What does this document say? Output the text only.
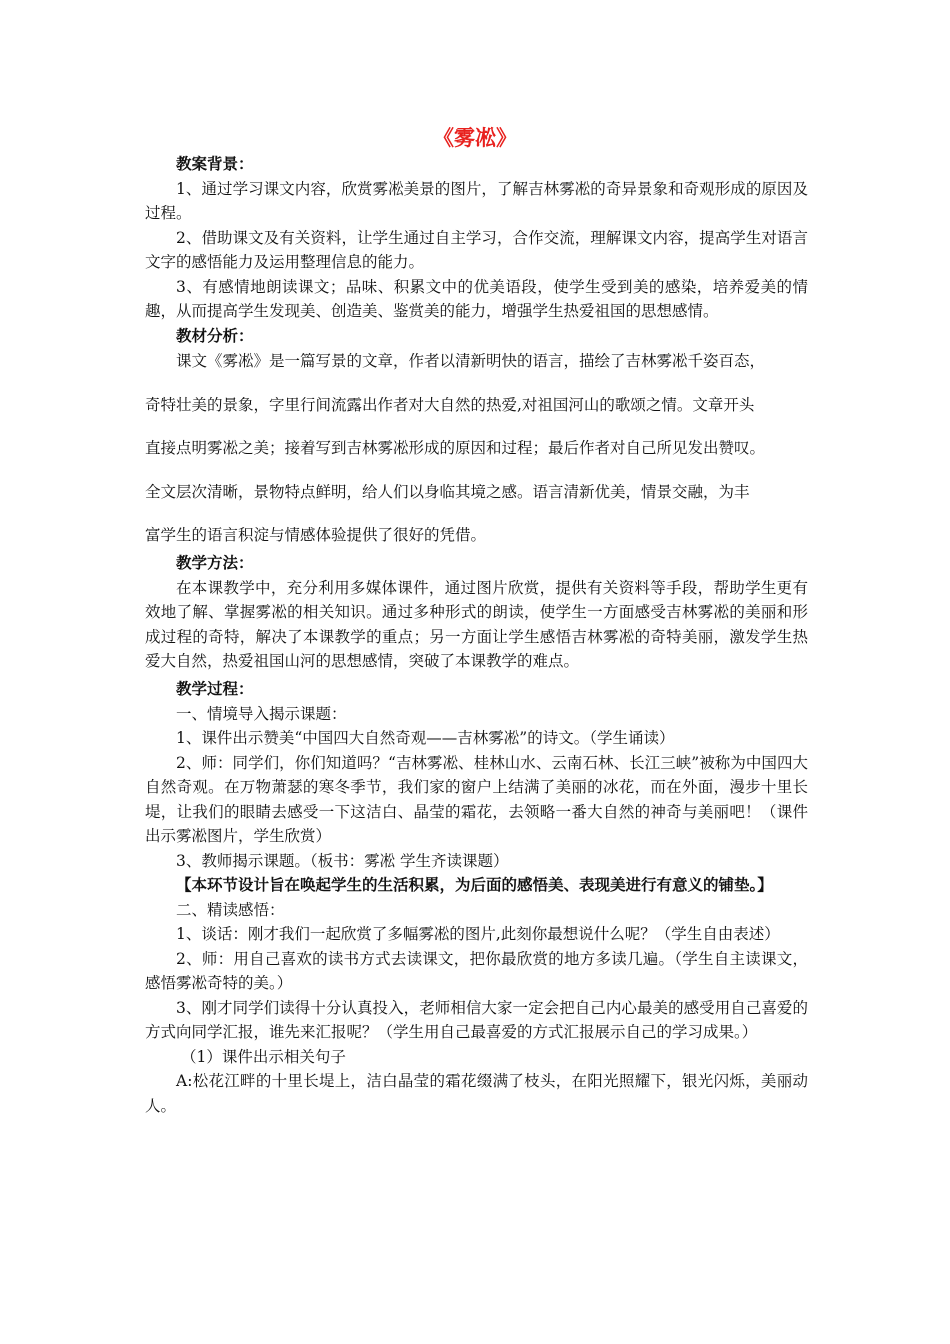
《雾凇》

教案背景：

1、通过学习课文内容，欣赏雾凇美景的图片，了解吉林雾凇的奇异景象和奇观形成的原因及过程。

2、借助课文及有关资料，让学生通过自主学习，合作交流，理解课文内容，提高学生对语言文字的感悟能力及运用整理信息的能力。

3、有感情地朗读课文；品味、积累文中的优美语段，使学生受到美的感染，培养爱美的情趣，从而提高学生发现美、创造美、鉴赏美的能力，增强学生热爱祖国的思想感情。

教材分析：

课文《雾凇》是一篇写景的文章，作者以清新明快的语言，描绘了吉林雾凇千姿百态，

奇特壮美的景象，字里行间流露出作者对大自然的热爱,对祖国河山的歌颂之情。文章开头

直接点明雾凇之美；接着写到吉林雾凇形成的原因和过程；最后作者对自己所见发出赞叹。

全文层次清晰，景物特点鲜明，给人们以身临其境之感。语言清新优美，情景交融，为丰

富学生的语言积淀与情感体验提供了很好的凭借。

教学方法：

在本课教学中，充分利用多媒体课件，通过图片欣赏，提供有关资料等手段，帮助学生更有效地了解、掌握雾凇的相关知识。通过多种形式的朗读，使学生一方面感受吉林雾凇的美丽和形成过程的奇特，解决了本课教学的重点；另一方面让学生感悟吉林雾凇的奇特美丽，激发学生热爱大自然，热爱祖国山河的思想感情，突破了本课教学的难点。

教学过程：

一、情境导入揭示课题：

1、课件出示赞美“中国四大自然奇观——吉林雾凇”的诗文。（学生诵读）

2、师：同学们，你们知道吗？“吉林雾凇、桂林山水、云南石林、长江三峡”被称为中国四大自然奇观。在万物萧瑟的寒冬季节，我们家的窗户上结满了美丽的冰花，而在外面，漫步十里长堤，让我们的眼睛去感受一下这洁白、晶莹的霜花，去领略一番大自然的神奇与美丽吧！（课件出示雾凇图片，学生欣赏）

3、教师揭示课题。（板书：雾凇 学生齐读课题）

【本环节设计旨在唤起学生的生活积累，为后面的感悟美、表现美进行有意义的铺垫。】

二、精读感悟：

1、谈话：刚才我们一起欣赏了多幅雾凇的图片,此刻你最想说什么呢？（学生自由表述）

2、师：用自己喜欢的读书方式去读课文，把你最欣赏的地方多读几遍。（学生自主读课文，感悟雾凇奇特的美。）

3、刚才同学们读得十分认真投入，老师相信大家一定会把自己内心最美的感受用自己喜爱的方式向同学汇报，谁先来汇报呢？（学生用自己最喜爱的方式汇报展示自己的学习成果。）

（1）课件出示相关句子

A:松花江畔的十里长堤上，洁白晶莹的霜花缀满了枝头，在阳光照耀下，银光闪烁，美丽动人。
